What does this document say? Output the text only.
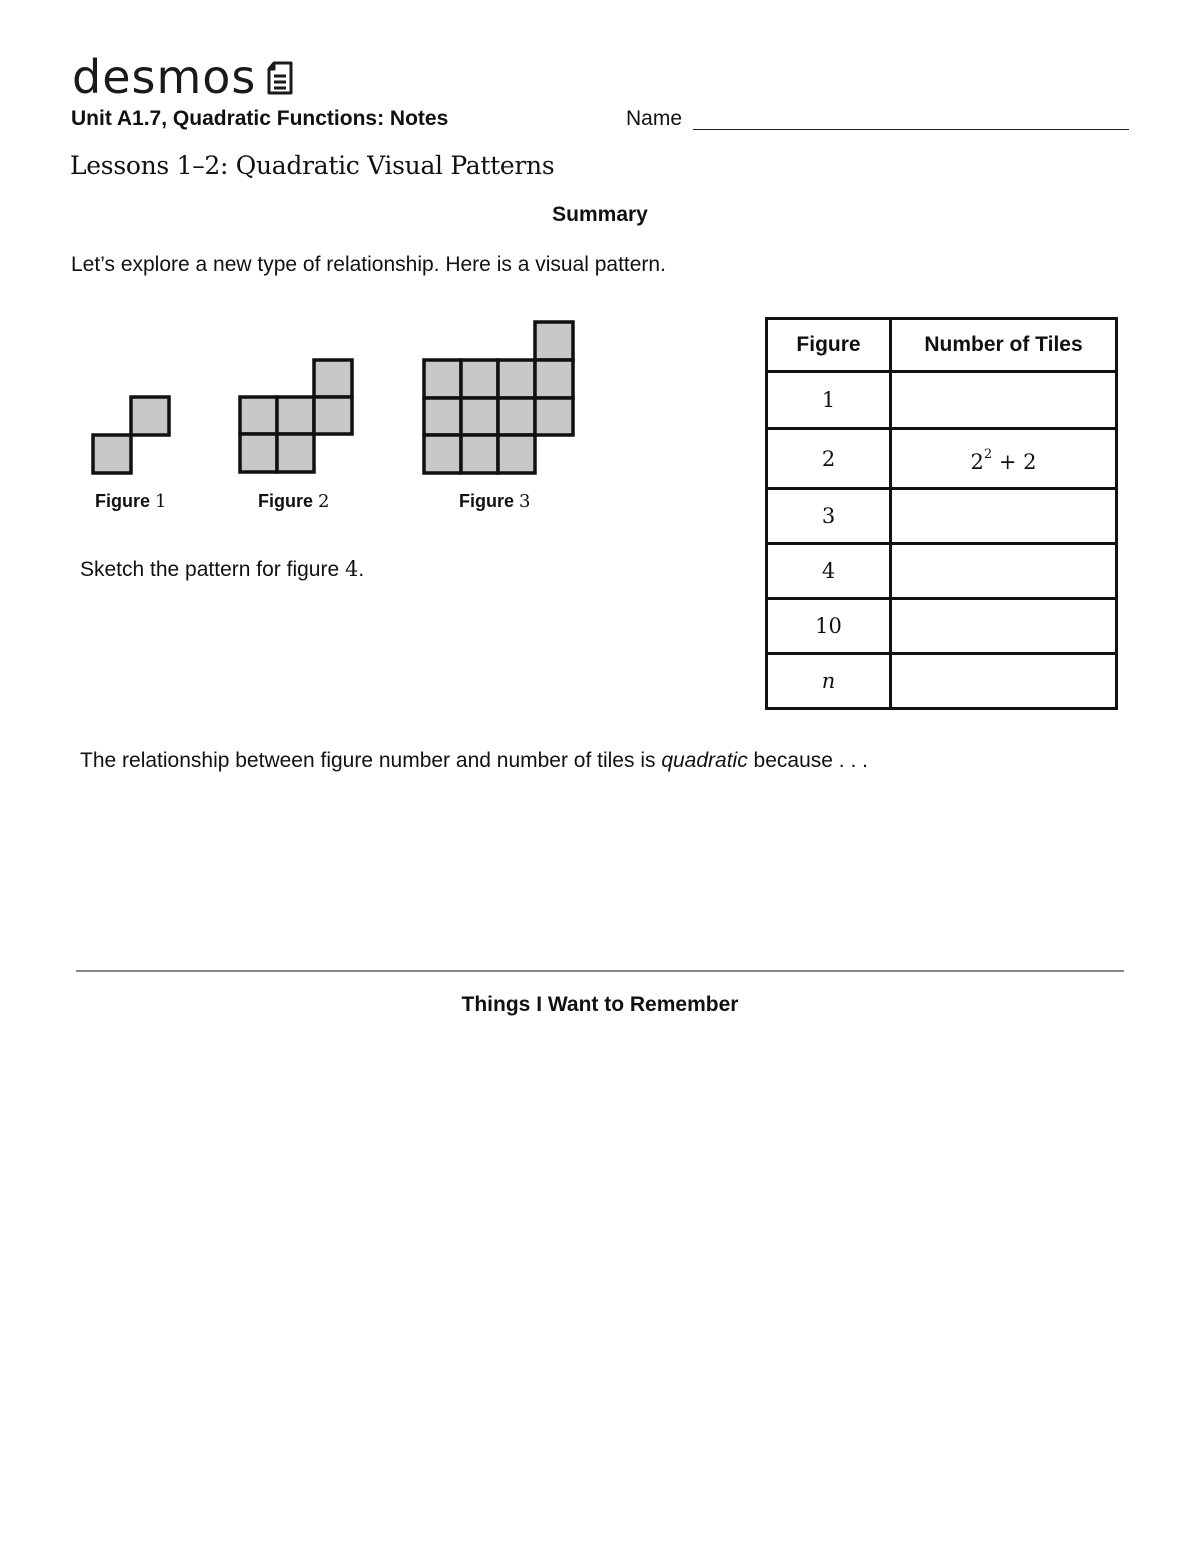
desmos
Unit A1.7, Quadratic Functions: Notes	Name
Lessons 1–2: Quadratic Visual Patterns
Summary
Let’s explore a new type of relationship. Here is a visual pattern.
Figure 1	Figure 2	Figure 3
Sketch the pattern for figure 4.
Figure	Number of Tiles
1	
2	$2^2 + 2$
3	
4	
10	
n	
The relationship between figure number and number of tiles is quadratic because . . .
Things I Want to Remember
